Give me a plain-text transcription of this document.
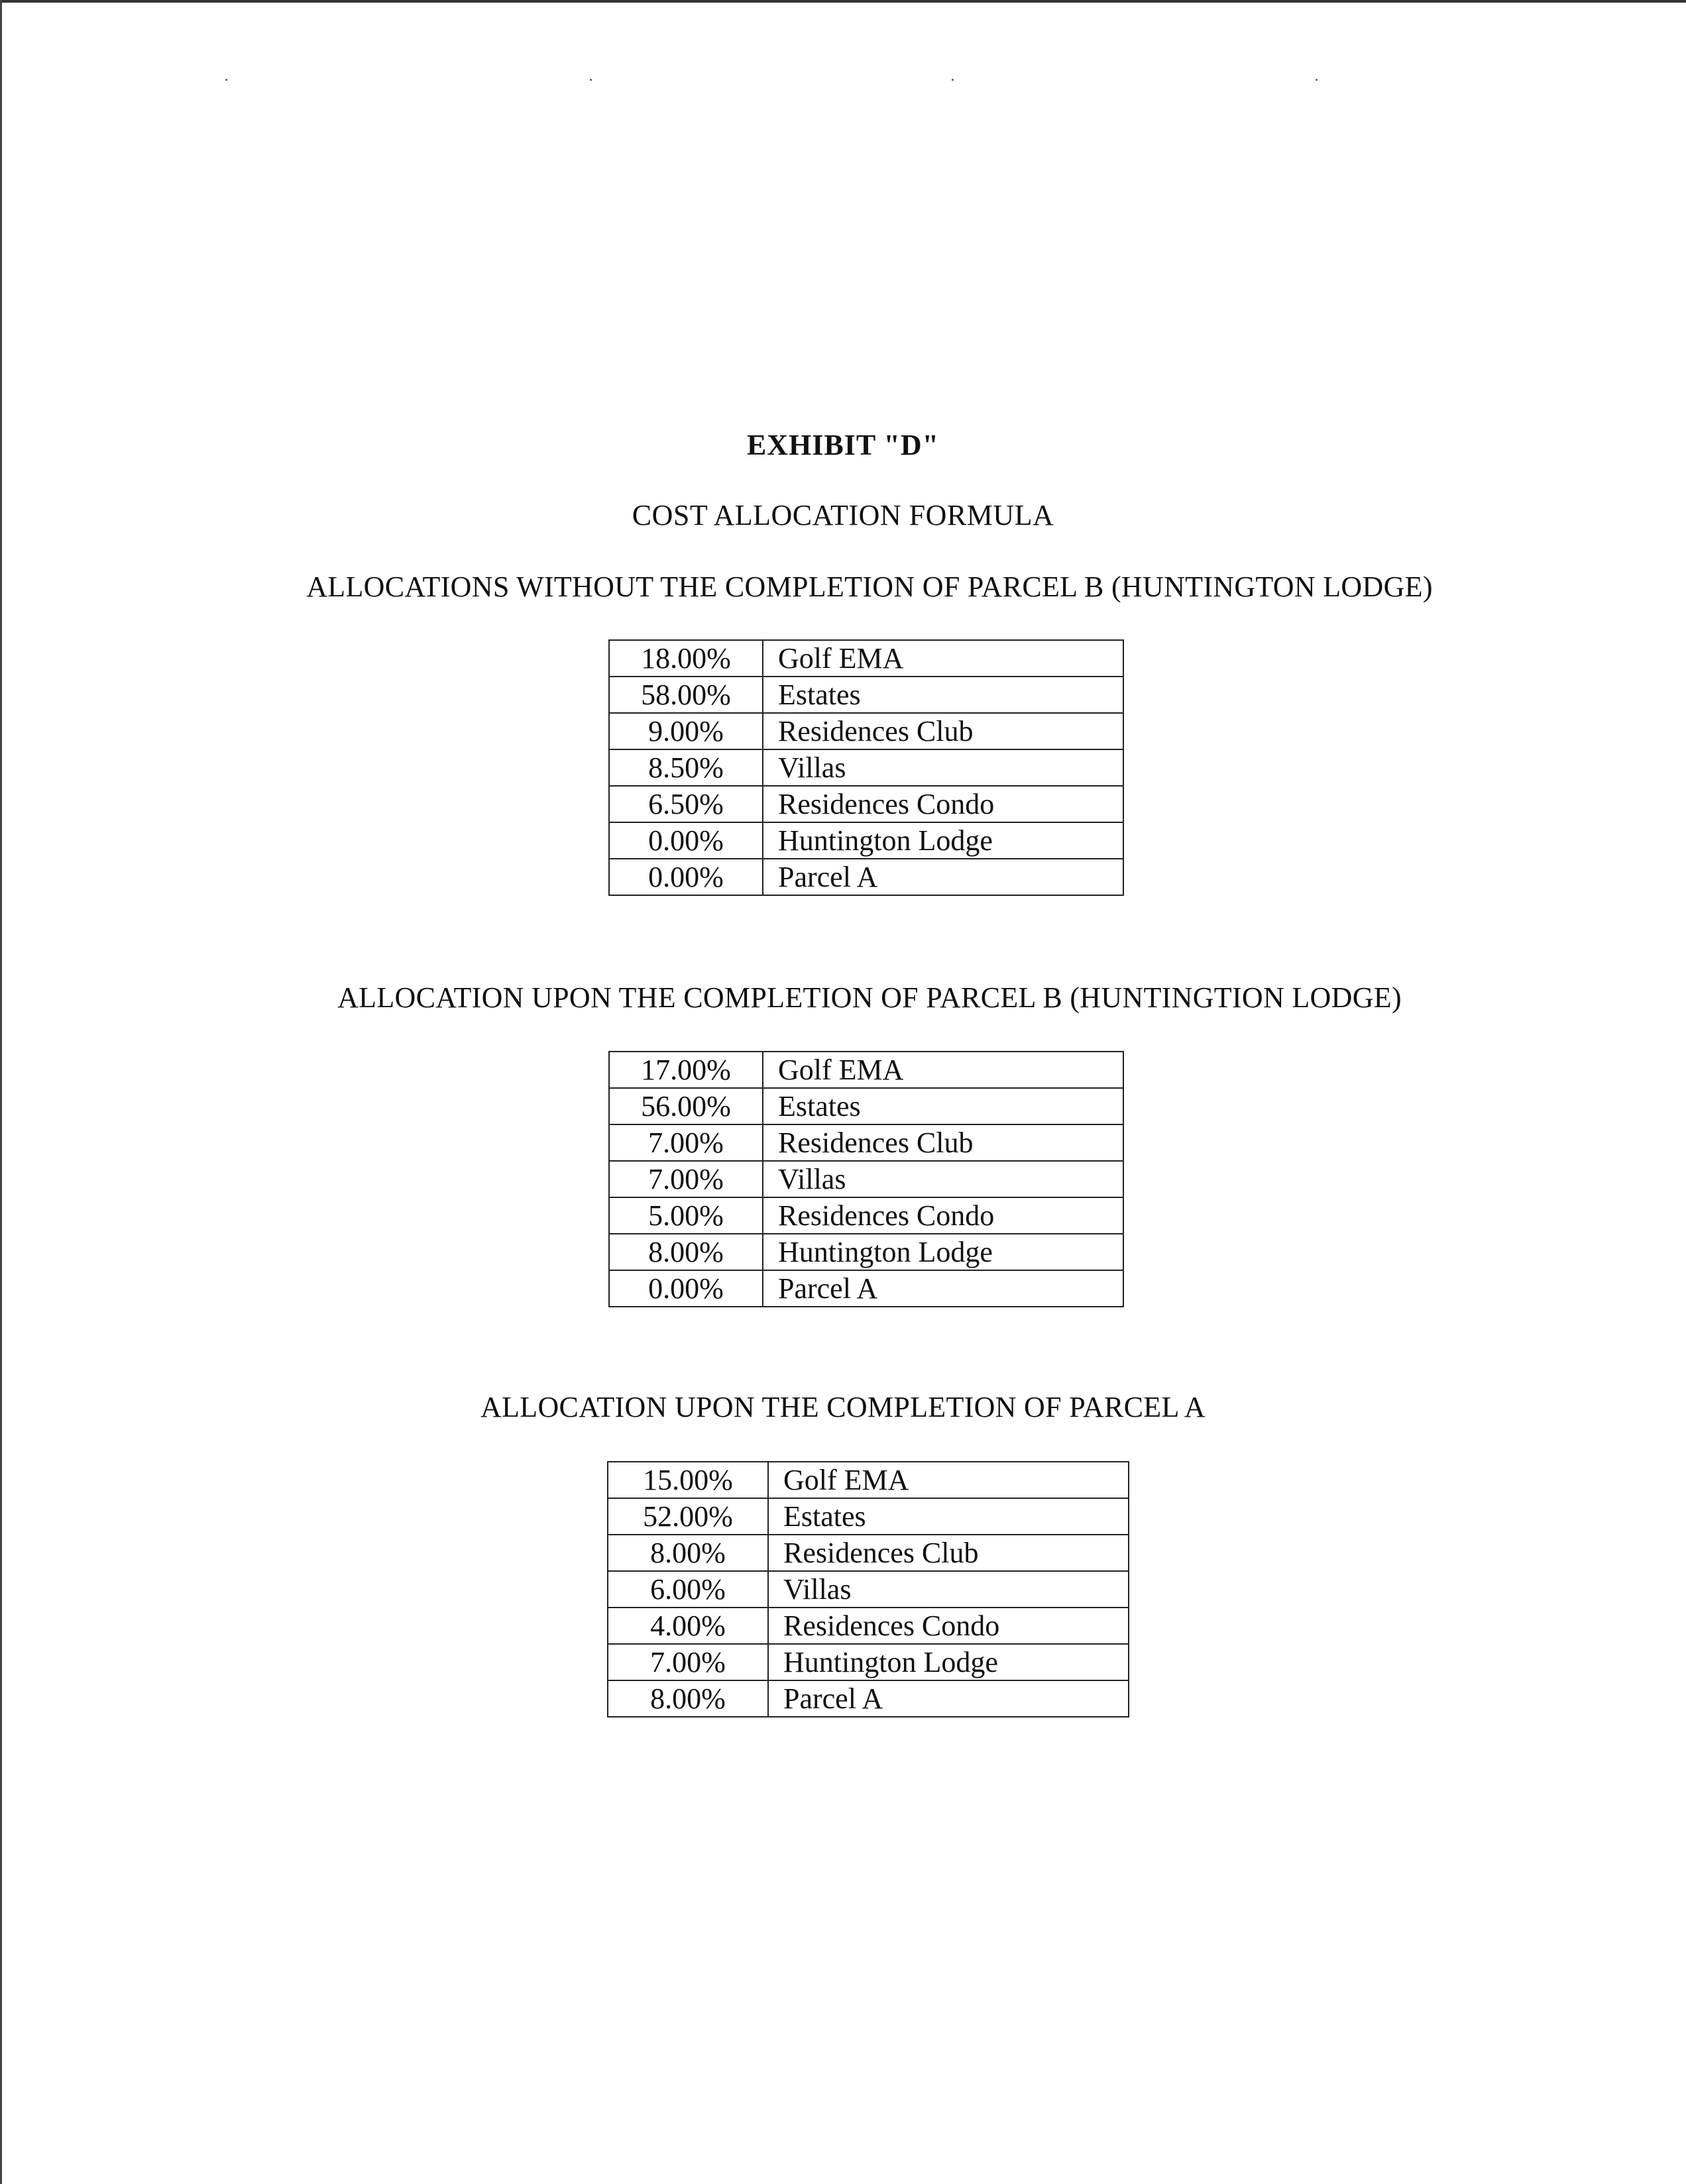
EXHIBIT "D"
COST ALLOCATION FORMULA
ALLOCATIONS WITHOUT THE COMPLETION OF PARCEL B (HUNTINGTON LODGE)
18.00%	Golf EMA
58.00%	Estates
9.00%	Residences Club
8.50%	Villas
6.50%	Residences Condo
0.00%	Huntington Lodge
0.00%	Parcel A
ALLOCATION UPON THE COMPLETION OF PARCEL B (HUNTINGTION LODGE)
17.00%	Golf EMA
56.00%	Estates
7.00%	Residences Club
7.00%	Villas
5.00%	Residences Condo
8.00%	Huntington Lodge
0.00%	Parcel A
ALLOCATION UPON THE COMPLETION OF PARCEL A
15.00%	Golf EMA
52.00%	Estates
8.00%	Residences Club
6.00%	Villas
4.00%	Residences Condo
7.00%	Huntington Lodge
8.00%	Parcel A
